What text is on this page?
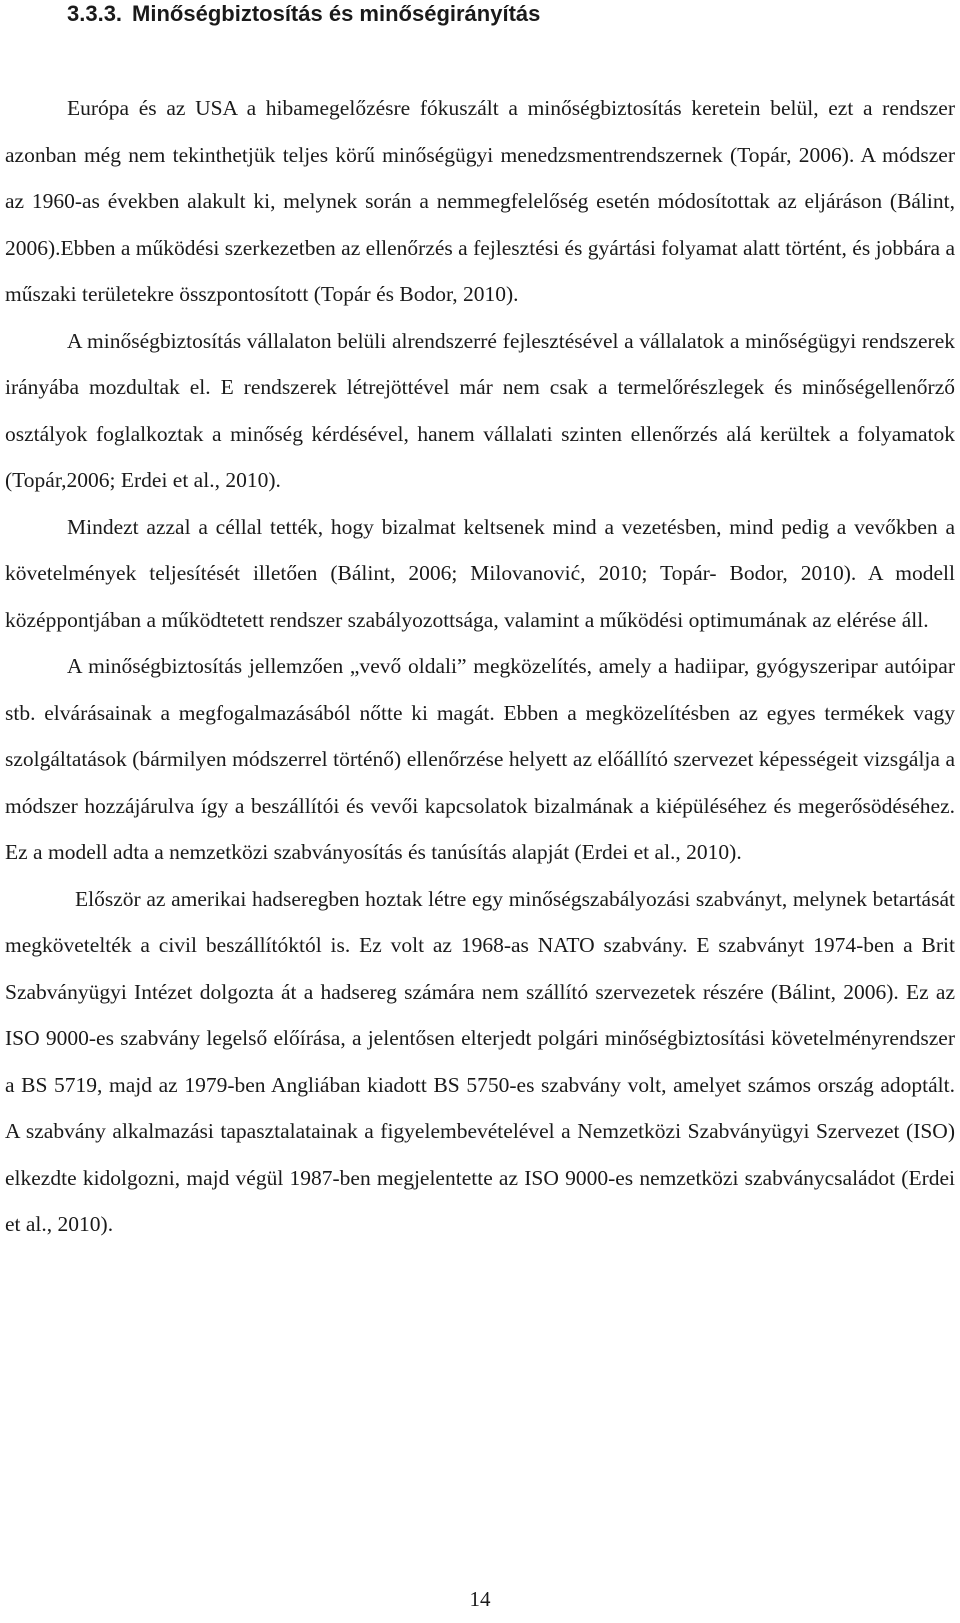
3.3.3. Minőségbiztosítás és minőségirányítás

Európa és az USA a hibamegelőzésre fókuszált a minőségbiztosítás keretein belül, ezt a rendszer azonban még nem tekinthetjük teljes körű minőségügyi menedzsmentrendszernek (Topár, 2006). A módszer az 1960-as években alakult ki, melynek során a nemmegfelelőség esetén módosítottak az eljáráson (Bálint, 2006).Ebben a működési szerkezetben az ellenőrzés a fejlesztési és gyártási folyamat alatt történt, és jobbára a műszaki területekre összpontosított (Topár és Bodor, 2010).

A minőségbiztosítás vállalaton belüli alrendszerré fejlesztésével a vállalatok a minőségügyi rendszerek irányába mozdultak el. E rendszerek létrejöttével már nem csak a termelőrészlegek és minőségellenőrző osztályok foglalkoztak a minőség kérdésével, hanem vállalati szinten ellenőrzés alá kerültek a folyamatok (Topár,2006; Erdei et al., 2010).

Mindezt azzal a céllal tették, hogy bizalmat keltsenek mind a vezetésben, mind pedig a vevőkben a követelmények teljesítését illetően (Bálint, 2006; Milovanović, 2010; Topár- Bodor, 2010). A modell középpontjában a működtetett rendszer szabályozottsága, valamint a működési optimumának az elérése áll.

A minőségbiztosítás jellemzően „vevő oldali” megközelítés, amely a hadiipar, gyógyszeripar autóipar stb. elvárásainak a megfogalmazásából nőtte ki magát. Ebben a megközelítésben az egyes termékek vagy szolgáltatások (bármilyen módszerrel történő) ellenőrzése helyett az előállító szervezet képességeit vizsgálja a módszer hozzájárulva így a beszállítói és vevői kapcsolatok bizalmának a kiépüléséhez és megerősödéséhez. Ez a modell adta a nemzetközi szabványosítás és tanúsítás alapját (Erdei et al., 2010).

Először az amerikai hadseregben hoztak létre egy minőségszabályozási szabványt, melynek betartását megkövetelték a civil beszállítóktól is. Ez volt az 1968-as NATO szabvány. E szabványt 1974-ben a Brit Szabványügyi Intézet dolgozta át a hadsereg számára nem szállító szervezetek részére (Bálint, 2006). Ez az ISO 9000-es szabvány legelső előírása, a jelentősen elterjedt polgári minőségbiztosítási követelményrendszer a BS 5719, majd az 1979-ben Angliában kiadott BS 5750-es szabvány volt, amelyet számos ország adoptált. A szabvány alkalmazási tapasztalatainak a figyelembevételével a Nemzetközi Szabványügyi Szervezet (ISO) elkezdte kidolgozni, majd végül 1987-ben megjelentette az ISO 9000-es nemzetközi szabványcsaládot (Erdei et al., 2010).

14
